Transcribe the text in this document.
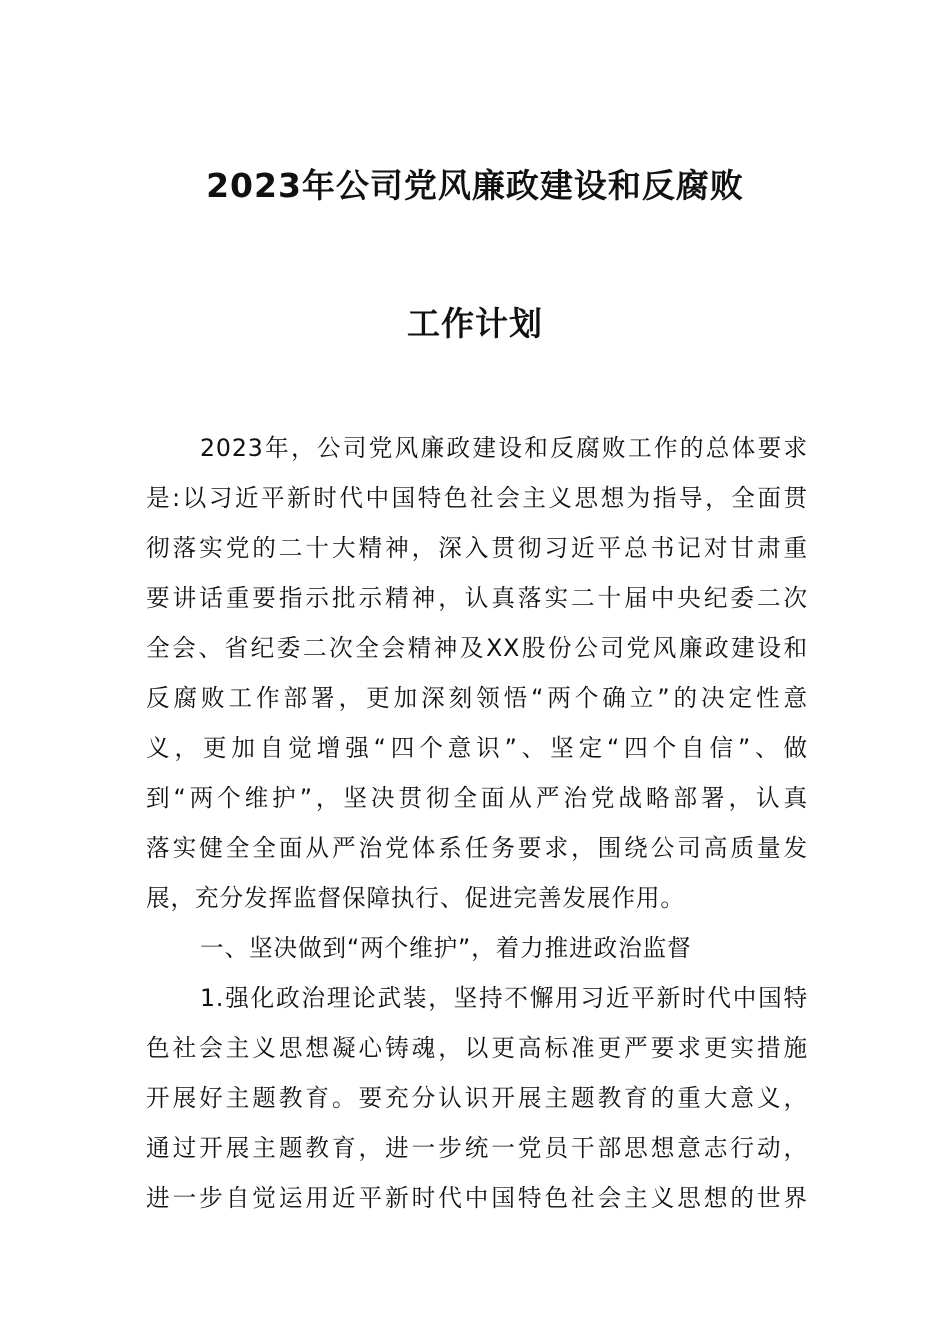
2023年公司党风廉政建设和反腐败
工作计划
2023年，公司党风廉政建设和反腐败工作的总体要求
是:以习近平新时代中国特色社会主义思想为指导，全面贯
彻落实党的二十大精神，深入贯彻习近平总书记对甘肃重
要讲话重要指示批示精神，认真落实二十届中央纪委二次
全会、省纪委二次全会精神及XX股份公司党风廉政建设和
反腐败工作部署，更加深刻领悟“两个确立”的决定性意
义，更加自觉增强“四个意识”、坚定“四个自信”、做
到“两个维护”，坚决贯彻全面从严治党战略部署，认真
落实健全全面从严治党体系任务要求，围绕公司高质量发
展，充分发挥监督保障执行、促进完善发展作用。
一、坚决做到“两个维护”，着力推进政治监督
1.强化政治理论武装，坚持不懈用习近平新时代中国特
色社会主义思想凝心铸魂，以更高标准更严要求更实措施
开展好主题教育。要充分认识开展主题教育的重大意义，
通过开展主题教育，进一步统一党员干部思想意志行动，
进一步自觉运用近平新时代中国特色社会主义思想的世界
